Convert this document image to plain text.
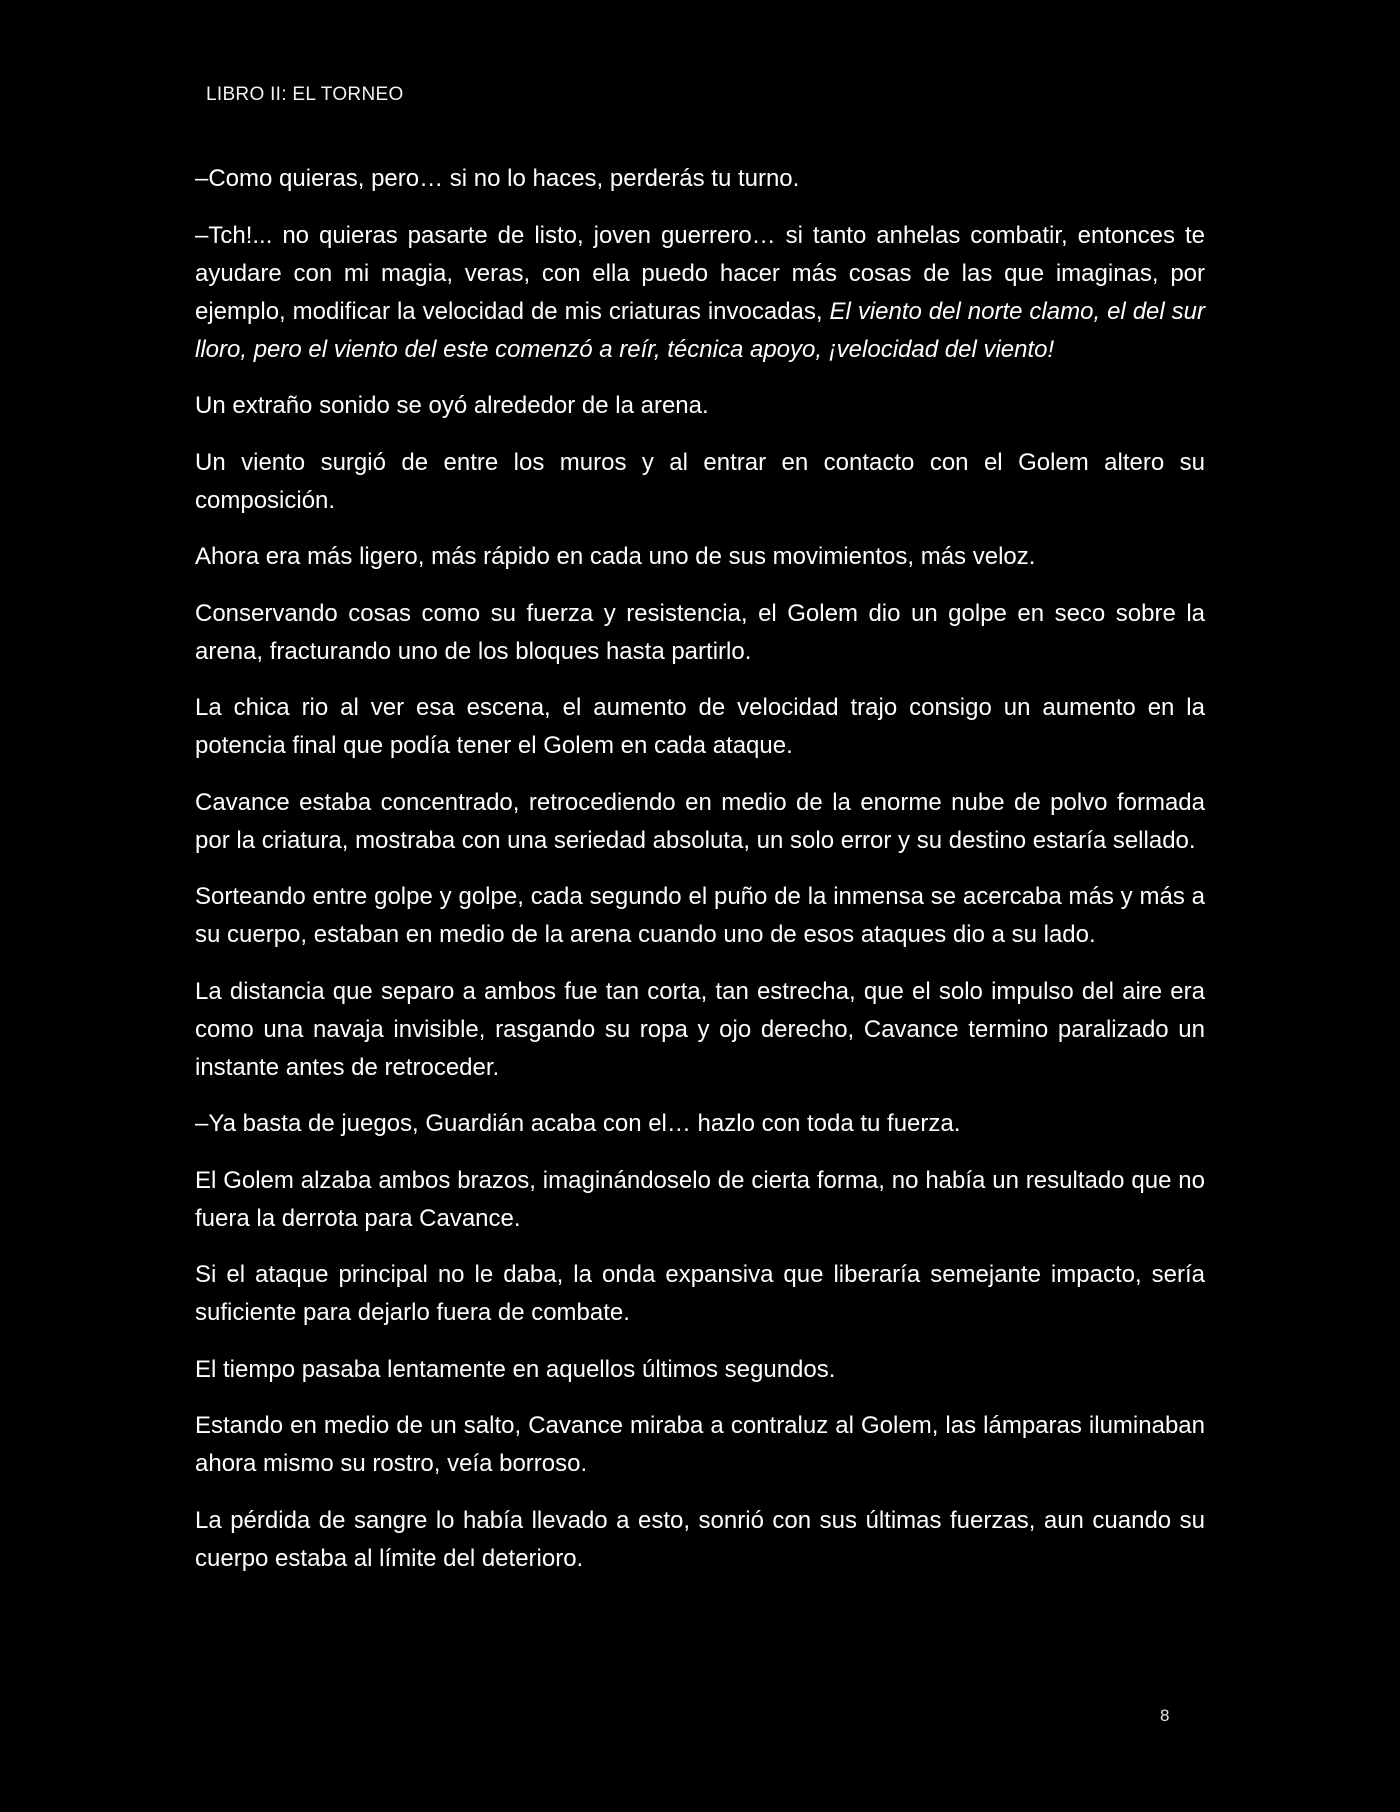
LIBRO II: EL TORNEO

–Como quieras, pero… si no lo haces, perderás tu turno.

–Tch!... no quieras pasarte de listo, joven guerrero… si tanto anhelas combatir, entonces te ayudare con mi magia, veras, con ella puedo hacer más cosas de las que imaginas, por ejemplo, modificar la velocidad de mis criaturas invocadas, El viento del norte clamo, el del sur lloro, pero el viento del este comenzó a reír, técnica apoyo, ¡velocidad del viento!

Un extraño sonido se oyó alrededor de la arena.

Un viento surgió de entre los muros y al entrar en contacto con el Golem altero su composición.

Ahora era más ligero, más rápido en cada uno de sus movimientos, más veloz.

Conservando cosas como su fuerza y resistencia, el Golem dio un golpe en seco sobre la arena, fracturando uno de los bloques hasta partirlo.

La chica rio al ver esa escena, el aumento de velocidad trajo consigo un aumento en la potencia final que podía tener el Golem en cada ataque.

Cavance estaba concentrado, retrocediendo en medio de la enorme nube de polvo formada por la criatura, mostraba con una seriedad absoluta, un solo error y su destino estaría sellado.

Sorteando entre golpe y golpe, cada segundo el puño de la inmensa se acercaba más y más a su cuerpo, estaban en medio de la arena cuando uno de esos ataques dio a su lado.

La distancia que separo a ambos fue tan corta, tan estrecha, que el solo impulso del aire era como una navaja invisible, rasgando su ropa y ojo derecho, Cavance termino paralizado un instante antes de retroceder.

–Ya basta de juegos, Guardián acaba con el… hazlo con toda tu fuerza.

El Golem alzaba ambos brazos, imaginándoselo de cierta forma, no había un resultado que no fuera la derrota para Cavance.

Si el ataque principal no le daba, la onda expansiva que liberaría semejante impacto, sería suficiente para dejarlo fuera de combate.

El tiempo pasaba lentamente en aquellos últimos segundos.

Estando en medio de un salto, Cavance miraba a contraluz al Golem, las lámparas iluminaban ahora mismo su rostro, veía borroso.

La pérdida de sangre lo había llevado a esto, sonrió con sus últimas fuerzas, aun cuando su cuerpo estaba al límite del deterioro.

8
